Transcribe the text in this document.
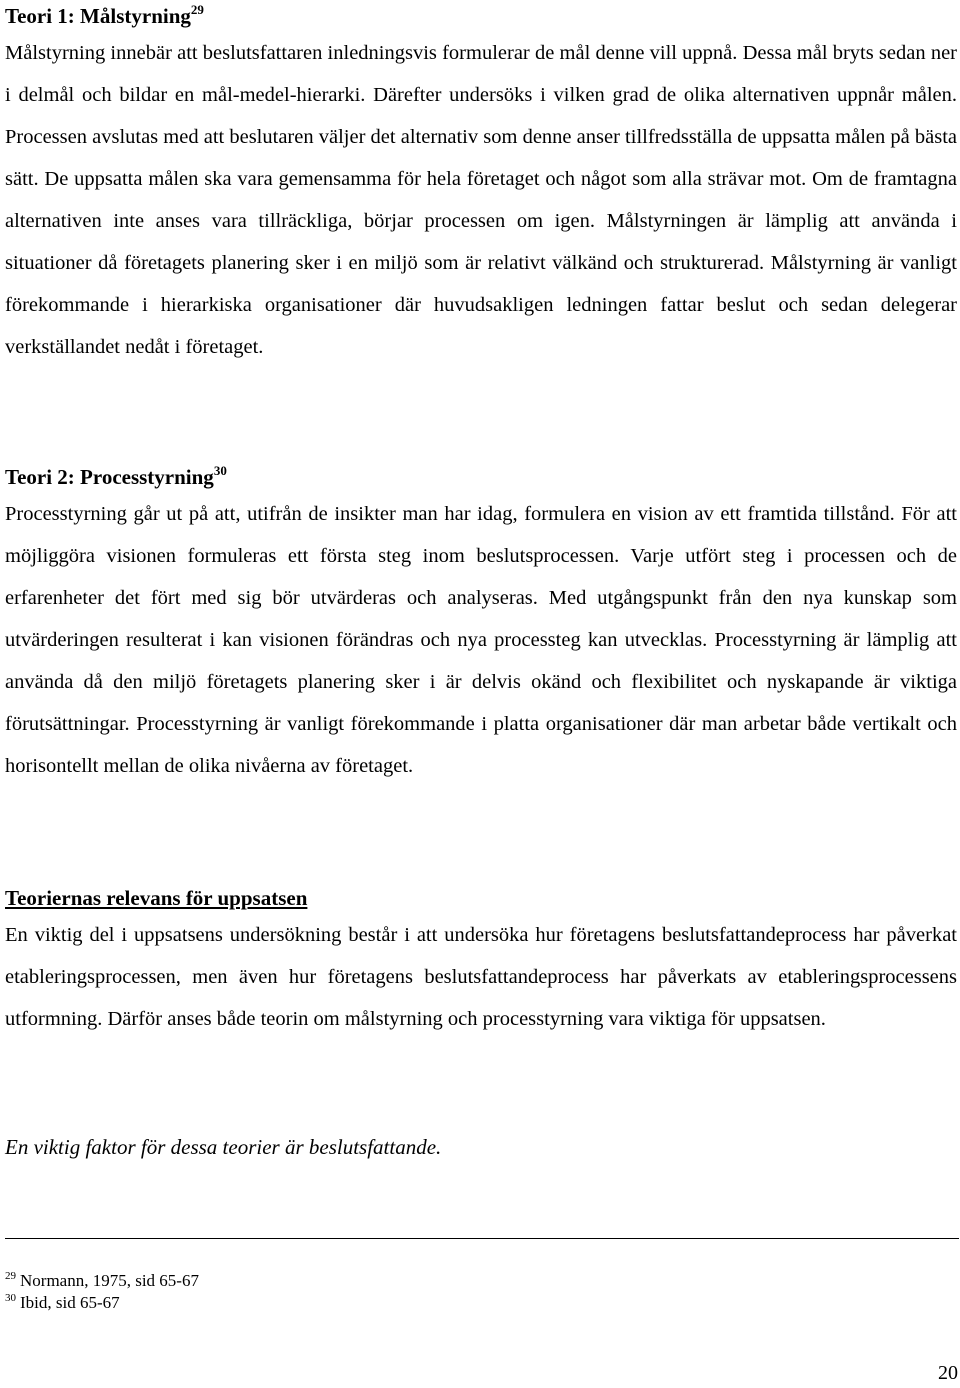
Teori 1: Målstyrning$^{29}$

Målstyrning innebär att beslutsfattaren inledningsvis formulerar de mål denne vill uppnå. Dessa mål bryts sedan ner i delmål och bildar en mål-medel-hierarki. Därefter undersöks i vilken grad de olika alternativen uppnår målen. Processen avslutas med att beslutaren väljer det alternativ som denne anser tillfredsställa de uppsatta målen på bästa sätt. De uppsatta målen ska vara gemensamma för hela företaget och något som alla strävar mot. Om de framtagna alternativen inte anses vara tillräckliga, börjar processen om igen. Målstyrningen är lämplig att använda i situationer då företagets planering sker i en miljö som är relativt välkänd och strukturerad. Målstyrning är vanligt förekommande i hierarkiska organisationer där huvudsakligen ledningen fattar beslut och sedan delegerar verkställandet nedåt i företaget.

Teori 2: Processtyrning$^{30}$

Processtyrning går ut på att, utifrån de insikter man har idag, formulera en vision av ett framtida tillstånd. För att möjliggöra visionen formuleras ett första steg inom beslutsprocessen. Varje utfört steg i processen och de erfarenheter det fört med sig bör utvärderas och analyseras. Med utgångspunkt från den nya kunskap som utvärderingen resulterat i kan visionen förändras och nya processteg kan utvecklas. Processtyrning är lämplig att använda då den miljö företagets planering sker i är delvis okänd och flexibilitet och nyskapande är viktiga förutsättningar. Processtyrning är vanligt förekommande i platta organisationer där man arbetar både vertikalt och horisontellt mellan de olika nivåerna av företaget.

Teoriernas relevans för uppsatsen

En viktig del i uppsatsens undersökning består i att undersöka hur företagens beslutsfattandeprocess har påverkat etableringsprocessen, men även hur företagens beslutsfattandeprocess har påverkats av etableringsprocessens utformning. Därför anses både teorin om målstyrning och processtyrning vara viktiga för uppsatsen.

En viktig faktor för dessa teorier är beslutsfattande.

$^{29}$ Normann, 1975, sid 65-67

$^{30}$ Ibid, sid 65-67

20
